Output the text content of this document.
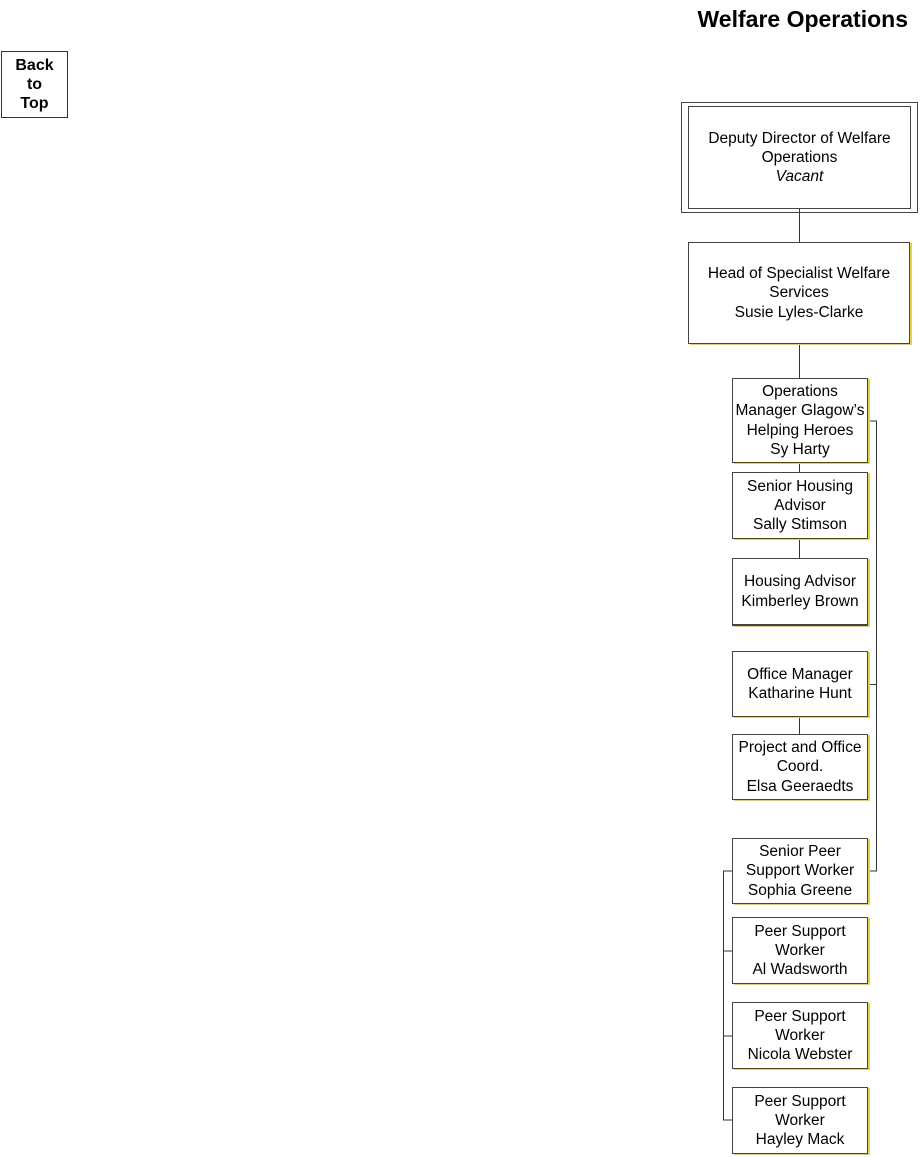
Welfare Operations
Back
to
Top
Deputy Director of Welfare
Operations
Vacant
Head of Specialist Welfare
Services
Susie Lyles-Clarke
Operations
Manager Glagow’s
Helping Heroes
Sy Harty
Senior Housing
Advisor
Sally Stimson
Housing Advisor
Kimberley Brown
Office Manager
Katharine Hunt
Project and Office
Coord.
Elsa Geeraedts
Senior Peer
Support Worker
Sophia Greene
Peer Support
Worker
Al Wadsworth
Peer Support
Worker
Nicola Webster
Peer Support
Worker
Hayley Mack
